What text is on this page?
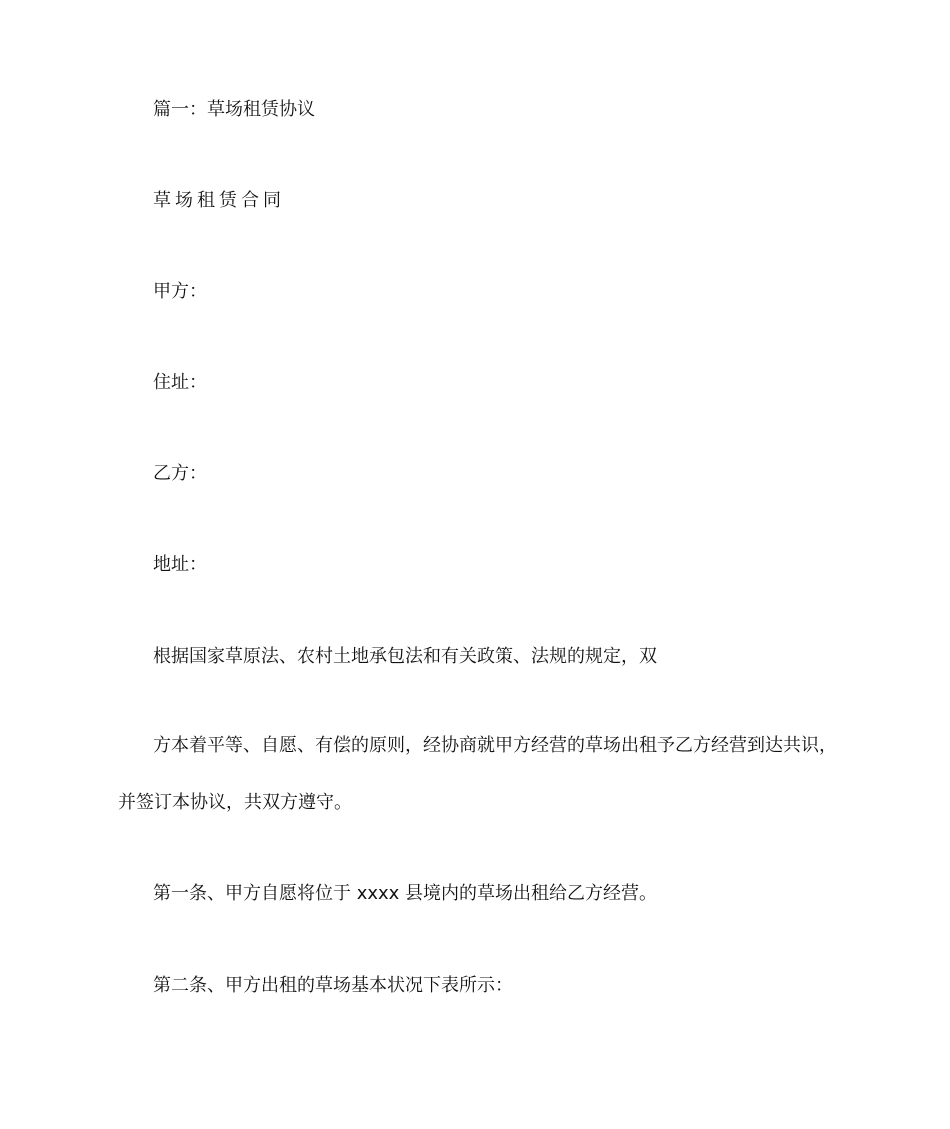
篇一：草场租赁协议
草场租赁合同
甲方：
住址：
乙方：
地址：
根据国家草原法、农村土地承包法和有关政策、法规的规定，双
方本着平等、自愿、有偿的原则，经协商就甲方经营的草场出租予乙方经营到达共识，
并签订本协议，共双方遵守。
第一条、甲方自愿将位于 xxxx 县境内的草场出租给乙方经营。
第二条、甲方出租的草场基本状况下表所示：
